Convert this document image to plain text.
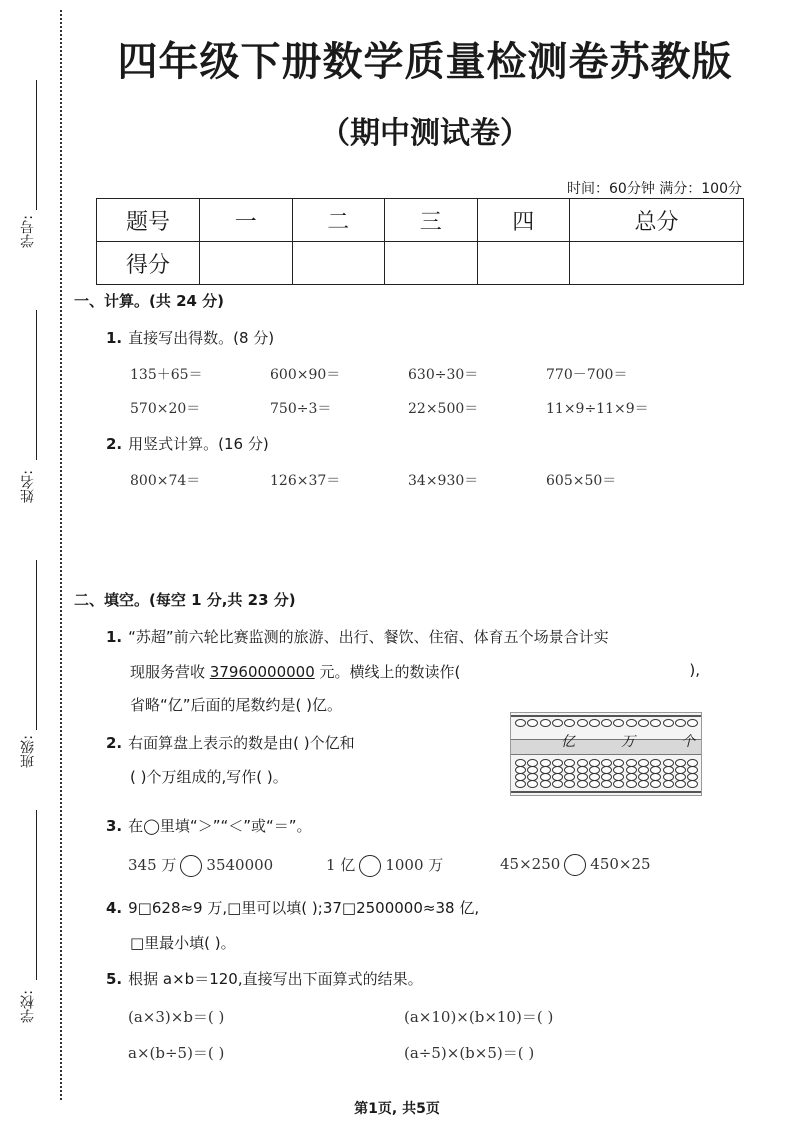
学号:
姓名:
班级:
学校:
四年级下册数学质量检测卷苏教版
（期中测试卷）
时间：60分钟 满分：100分
题号	一	二	三	四	总分
得分					
一、计算。(共 24 分)
1. 直接写出得数。(8 分)
135＋65＝	600×90＝	630÷30＝	770－700＝
570×20＝	750÷3＝	22×500＝	11×9÷11×9＝
2. 用竖式计算。(16 分)
800×74＝	126×37＝	34×930＝	605×50＝
二、填空。(每空 1 分,共 23 分)
1. “苏超”前六轮比赛监测的旅游、出行、餐饮、住宿、体育五个场景合计实
现服务营收 37960000000 元。横线上的数读作(	),
省略“亿”后面的尾数约是( )亿。
2. 右面算盘上表示的数是由( )个亿和
( )个万组成的,写作( )。
亿	万	个
3. 在◯里填“＞”“＜”或“＝”。
345 万 3540000	1 亿 1000 万	45×250 450×25
4. 9□628≈9 万,□里可以填( );37□2500000≈38 亿,
□里最小填( )。
5. 根据 a×b＝120,直接写出下面算式的结果。
(a×3)×b＝( )	(a×10)×(b×10)＝( )
a×(b÷5)＝( )	(a÷5)×(b×5)＝( )
第1页, 共5页
